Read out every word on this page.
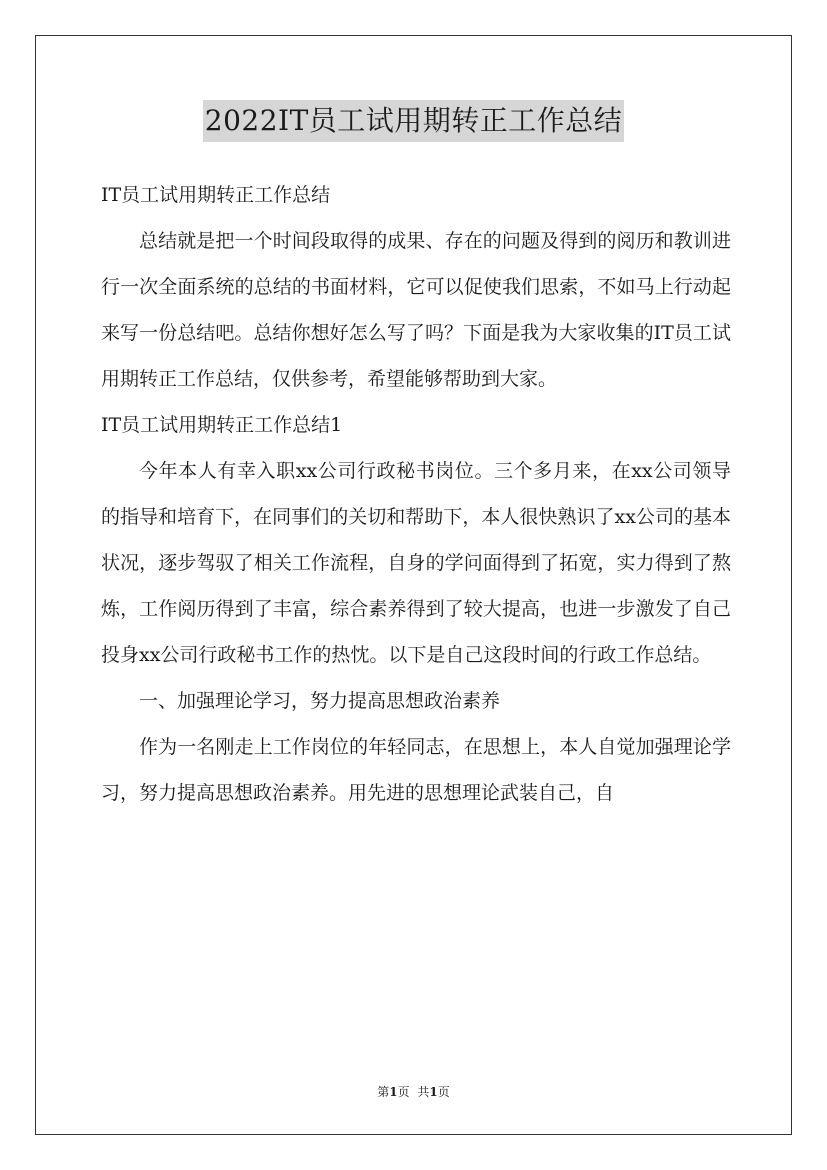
2022IT员工试用期转正工作总结

IT员工试用期转正工作总结

总结就是把一个时间段取得的成果、存在的问题及得到的阅历和教训进行一次全面系统的总结的书面材料，它可以促使我们思索，不如马上行动起来写一份总结吧。总结你想好怎么写了吗？下面是我为大家收集的IT员工试用期转正工作总结，仅供参考，希望能够帮助到大家。

IT员工试用期转正工作总结1

今年本人有幸入职xx公司行政秘书岗位。三个多月来，在xx公司领导的指导和培育下，在同事们的关切和帮助下，本人很快熟识了xx公司的基本状况，逐步驾驭了相关工作流程，自身的学问面得到了拓宽，实力得到了熬炼，工作阅历得到了丰富，综合素养得到了较大提高，也进一步激发了自己投身xx公司行政秘书工作的热忱。以下是自己这段时间的行政工作总结。

一、加强理论学习，努力提高思想政治素养

作为一名刚走上工作岗位的年轻同志，在思想上，本人自觉加强理论学习，努力提高思想政治素养。用先进的思想理论武装自己，自

第1页 共1页
